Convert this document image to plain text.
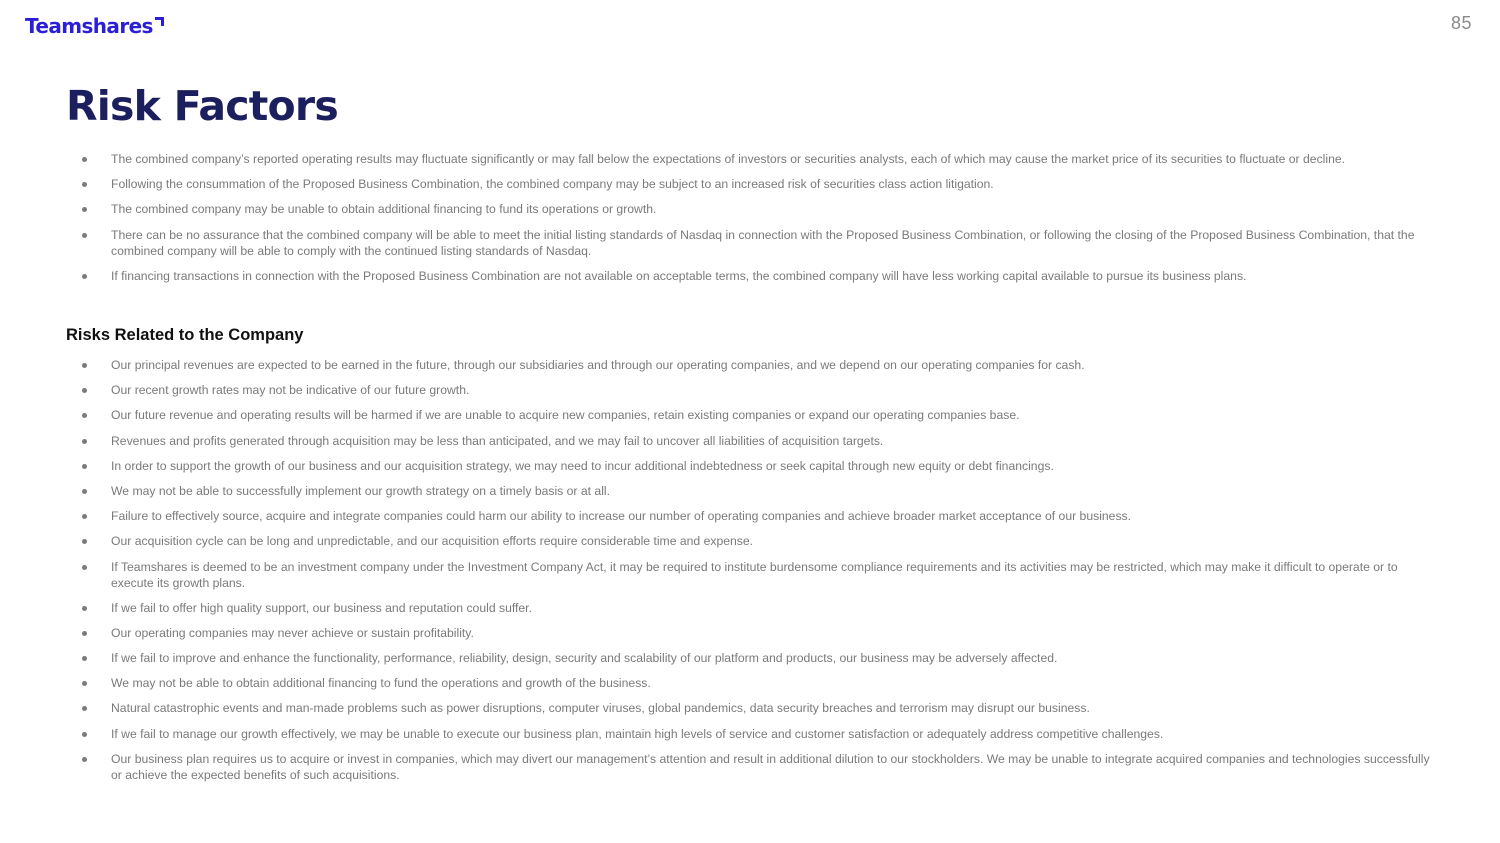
Teamshares	85
Risk Factors
The combined company’s reported operating results may fluctuate significantly or may fall below the expectations of investors or securities analysts, each of which may cause the market price of its securities to fluctuate or decline.
Following the consummation of the Proposed Business Combination, the combined company may be subject to an increased risk of securities class action litigation.
The combined company may be unable to obtain additional financing to fund its operations or growth.
There can be no assurance that the combined company will be able to meet the initial listing standards of Nasdaq in connection with the Proposed Business Combination, or following the closing of the Proposed Business Combination, that the combined company will be able to comply with the continued listing standards of Nasdaq.
If financing transactions in connection with the Proposed Business Combination are not available on acceptable terms, the combined company will have less working capital available to pursue its business plans.
Risks Related to the Company
Our principal revenues are expected to be earned in the future, through our subsidiaries and through our operating companies, and we depend on our operating companies for cash.
Our recent growth rates may not be indicative of our future growth.
Our future revenue and operating results will be harmed if we are unable to acquire new companies, retain existing companies or expand our operating companies base.
Revenues and profits generated through acquisition may be less than anticipated, and we may fail to uncover all liabilities of acquisition targets.
In order to support the growth of our business and our acquisition strategy, we may need to incur additional indebtedness or seek capital through new equity or debt financings.
We may not be able to successfully implement our growth strategy on a timely basis or at all.
Failure to effectively source, acquire and integrate companies could harm our ability to increase our number of operating companies and achieve broader market acceptance of our business.
Our acquisition cycle can be long and unpredictable, and our acquisition efforts require considerable time and expense.
If Teamshares is deemed to be an investment company under the Investment Company Act, it may be required to institute burdensome compliance requirements and its activities may be restricted, which may make it difficult to operate or to execute its growth plans.
If we fail to offer high quality support, our business and reputation could suffer.
Our operating companies may never achieve or sustain profitability.
If we fail to improve and enhance the functionality, performance, reliability, design, security and scalability of our platform and products, our business may be adversely affected.
We may not be able to obtain additional financing to fund the operations and growth of the business.
Natural catastrophic events and man-made problems such as power disruptions, computer viruses, global pandemics, data security breaches and terrorism may disrupt our business.
If we fail to manage our growth effectively, we may be unable to execute our business plan, maintain high levels of service and customer satisfaction or adequately address competitive challenges.
Our business plan requires us to acquire or invest in companies, which may divert our management’s attention and result in additional dilution to our stockholders. We may be unable to integrate acquired companies and technologies successfully or achieve the expected benefits of such acquisitions.
